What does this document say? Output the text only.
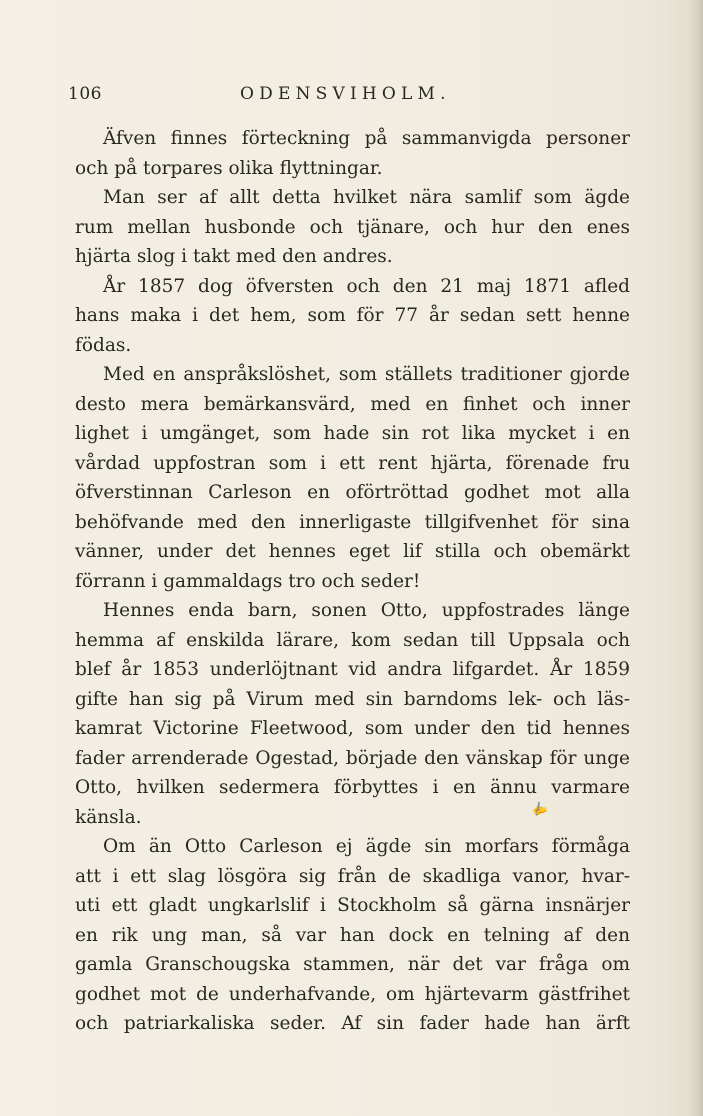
106	ODENSVIHOLM.
Äfven finnes förteckning på sammanvigda personer
och på torpares olika flyttningar.
Man ser af allt detta hvilket nära samlif som ägde
rum mellan husbonde och tjänare, och hur den enes
hjärta slog i takt med den andres.
År 1857 dog öfversten och den 21 maj 1871 afled
hans maka i det hem, som för 77 år sedan sett henne
födas.
Med en anspråkslöshet, som ställets traditioner gjorde
desto mera bemärkansvärd, med en finhet och inner
lighet i umgänget, som hade sin rot lika mycket i en
vårdad uppfostran som i ett rent hjärta, förenade fru
öfverstinnan Carleson en oförtröttad godhet mot alla
behöfvande med den innerligaste tillgifvenhet för sina
vänner, under det hennes eget lif stilla och obemärkt
förrann i gammaldags tro och seder!
Hennes enda barn, sonen Otto, uppfostrades länge
hemma af enskilda lärare, kom sedan till Uppsala och
blef år 1853 underlöjtnant vid andra lifgardet. År 1859
gifte han sig på Virum med sin barndoms lek- och läs-
kamrat Victorine Fleetwood, som under den tid hennes
fader arrenderade Ogestad, började den vänskap för unge
Otto, hvilken sedermera förbyttes i en ännu varmare
känsla.
Om än Otto Carleson ej ägde sin morfars förmåga
att i ett slag lösgöra sig från de skadliga vanor, hvar-
uti ett gladt ungkarlslif i Stockholm så gärna insnärjer
en rik ung man, så var han dock en telning af den
gamla Granschougska stammen, när det var fråga om
godhet mot de underhafvande, om hjärtevarm gästfrihet
och patriarkaliska seder. Af sin fader hade han ärft
✍
